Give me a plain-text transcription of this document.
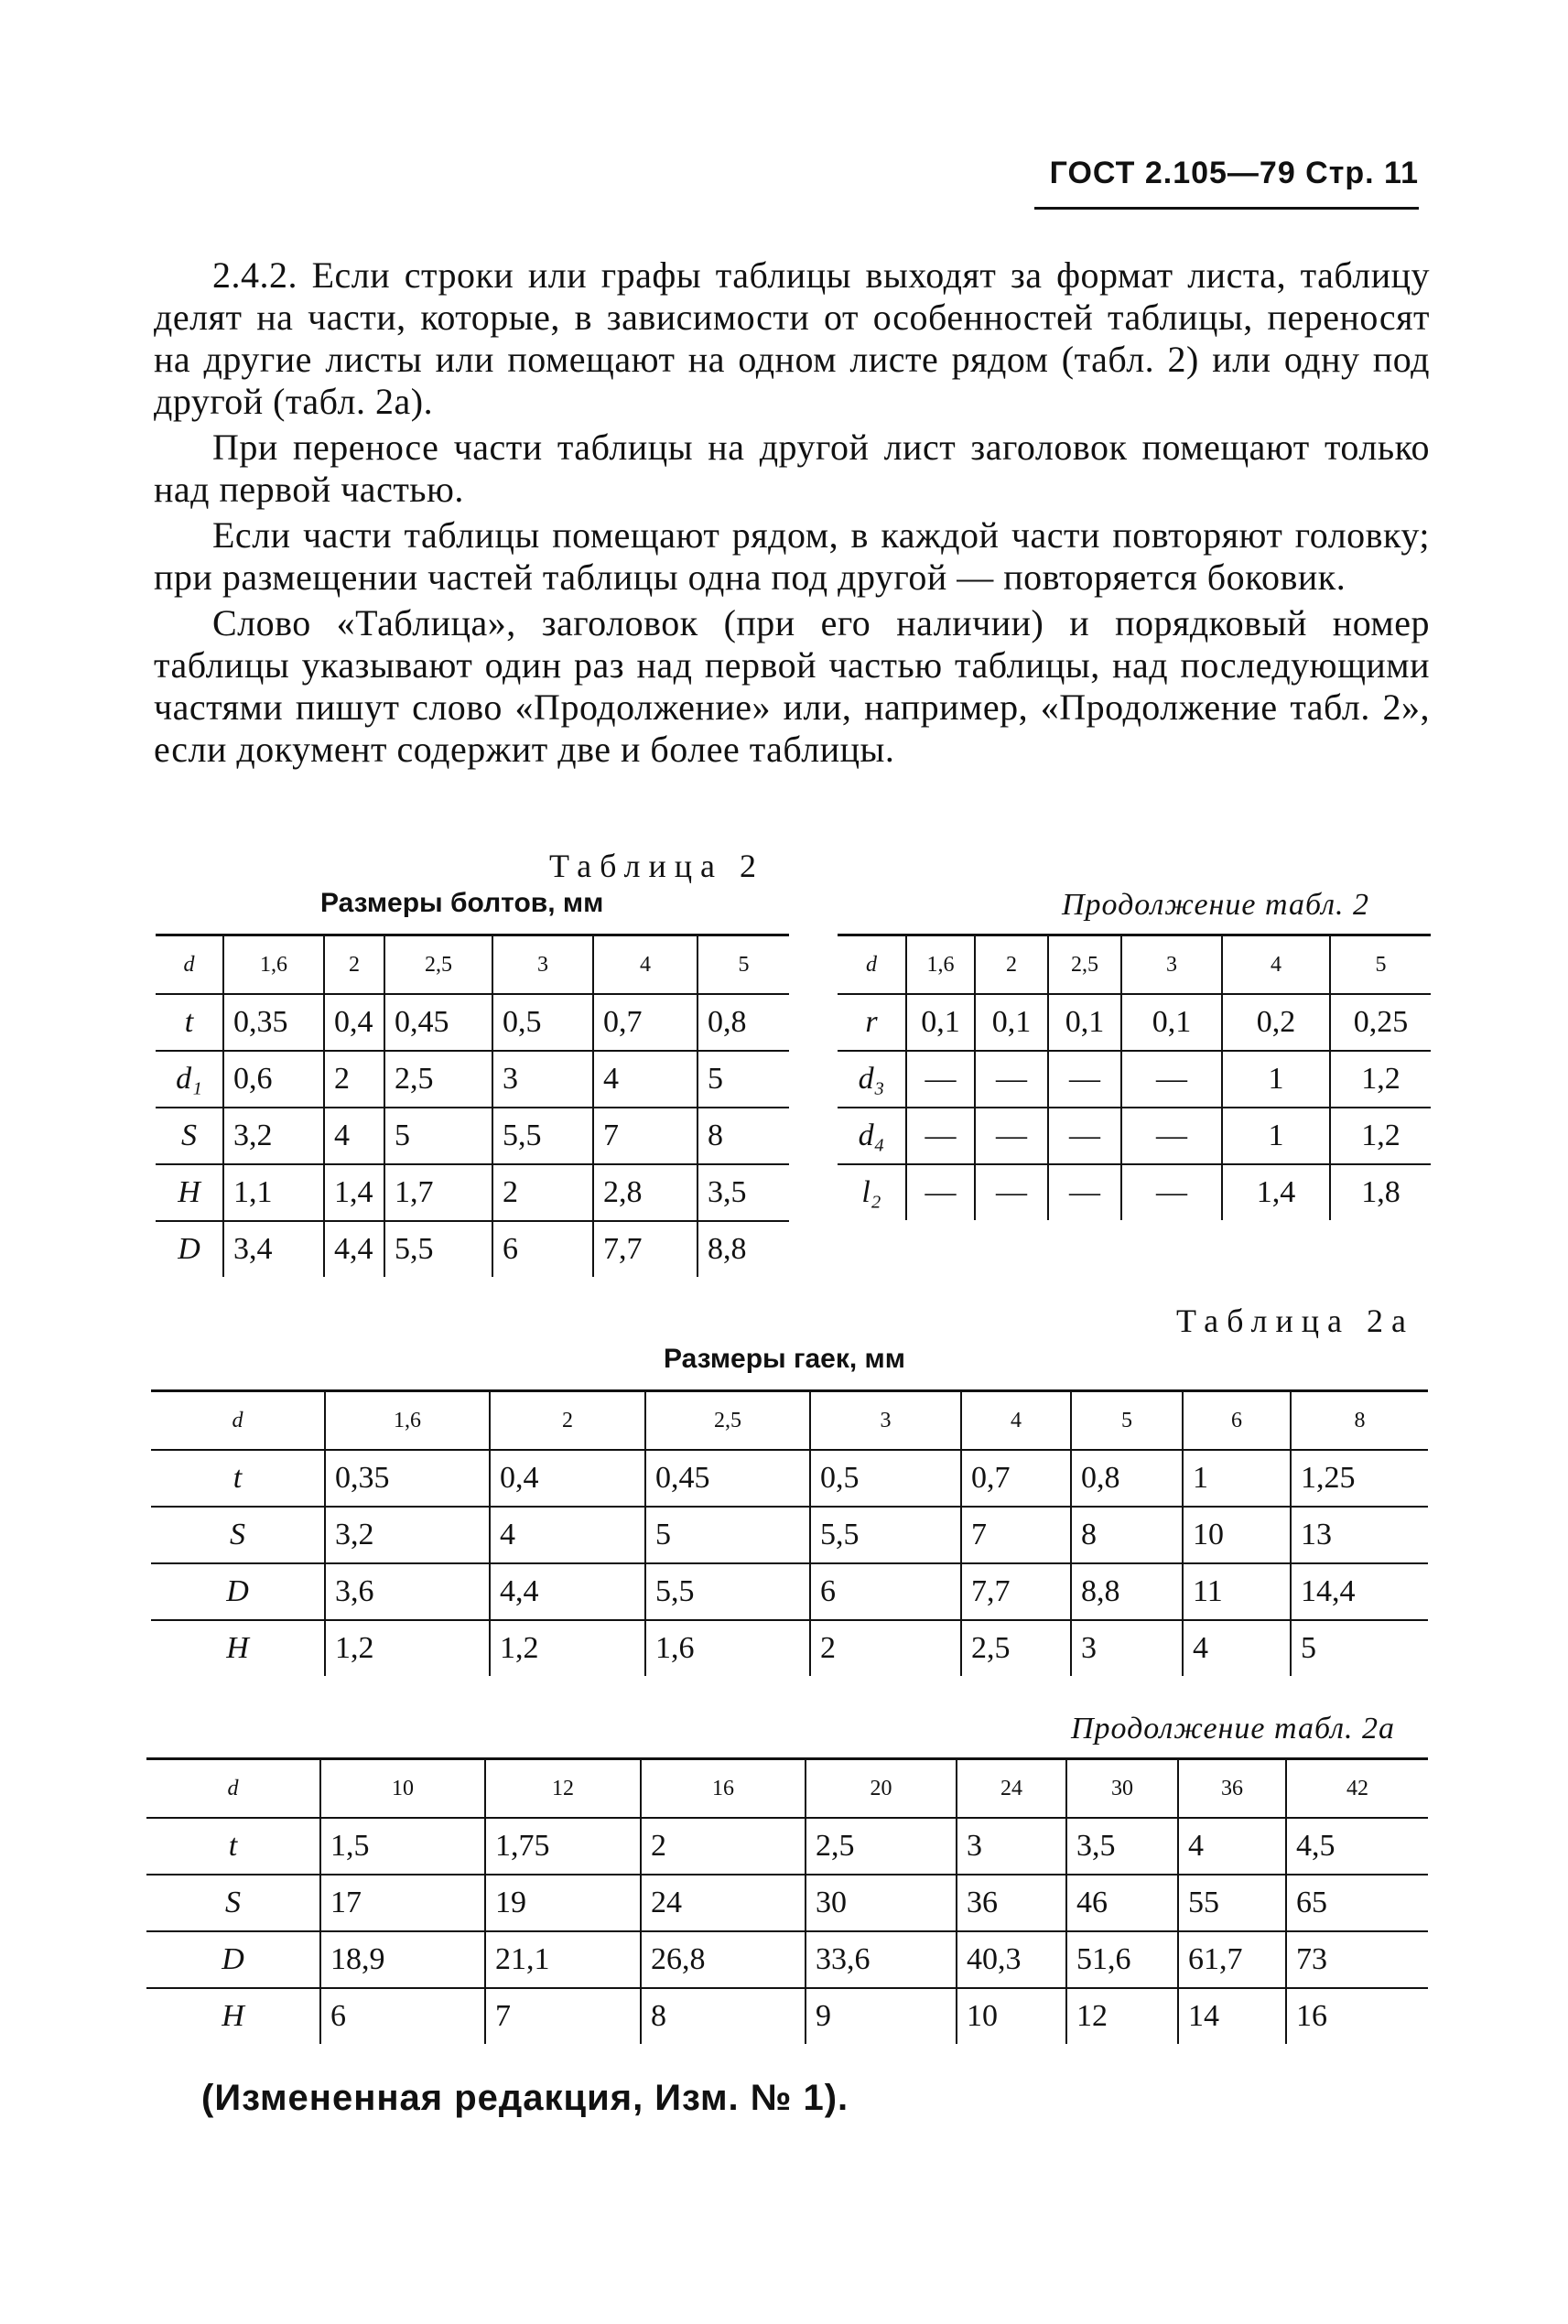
ГОСТ 2.105—79 Стр. 11

2.4.2. Если строки или графы таблицы выходят за формат листа, таблицу делят на части, которые, в зависимости от особенностей таблицы, переносят на другие листы или помещают на одном листе рядом (табл. 2) или одну под другой (табл. 2а).

При переносе части таблицы на другой лист заголовок помещают только над первой частью.

Если части таблицы помещают рядом, в каждой части повторяют головку; при размещении частей таблицы одна под другой — повторяется боковик.

Слово «Таблица», заголовок (при его наличии) и порядковый номер таблицы указывают один раз над первой частью таблицы, над последующими частями пишут слово «Продолжение» или, например, «Продолжение табл. 2», если документ содержит две и более таблицы.

Таблица 2
Размеры болтов, мм	Продолжение табл. 2
d	1,6	2	2,5	3	4	5
t	0,35	0,4	0,45	0,5	0,7	0,8
d₁	0,6	2	2,5	3	4	5
S	3,2	4	5	5,5	7	8
H	1,1	1,4	1,7	2	2,8	3,5
D	3,4	4,4	5,5	6	7,7	8,8
d	1,6	2	2,5	3	4	5
r	0,1	0,1	0,1	0,1	0,2	0,25
d₃	—	—	—	—	1	1,2
d₄	—	—	—	—	1	1,2
l₂	—	—	—	—	1,4	1,8
Таблица 2а
Размеры гаек, мм
d	1,6	2	2,5	3	4	5	6	8
t	0,35	0,4	0,45	0,5	0,7	0,8	1	1,25
S	3,2	4	5	5,5	7	8	10	13
D	3,6	4,4	5,5	6	7,7	8,8	11	14,4
H	1,2	1,2	1,6	2	2,5	3	4	5
Продолжение табл. 2а
d	10	12	16	20	24	30	36	42
t	1,5	1,75	2	2,5	3	3,5	4	4,5
S	17	19	24	30	36	46	55	65
D	18,9	21,1	26,8	33,6	40,3	51,6	61,7	73
H	6	7	8	9	10	12	14	16
(Измененная редакция, Изм. № 1).
